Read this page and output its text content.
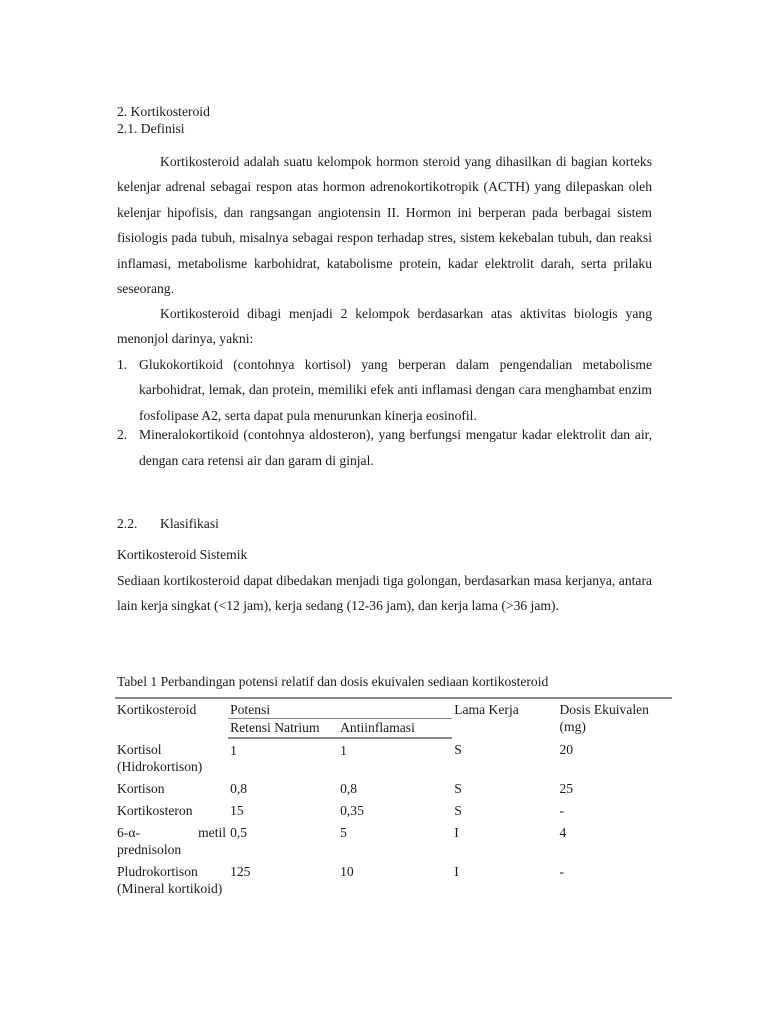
2. Kortikosteroid
2.1. Definisi

Kortikosteroid adalah suatu kelompok hormon steroid yang dihasilkan di bagian korteks kelenjar adrenal sebagai respon atas hormon adrenokortikotropik (ACTH) yang dilepaskan oleh kelenjar hipofisis, dan rangsangan angiotensin II. Hormon ini berperan pada berbagai sistem fisiologis pada tubuh, misalnya sebagai respon terhadap stres, sistem kekebalan tubuh, dan reaksi inflamasi, metabolisme karbohidrat, katabolisme protein, kadar elektrolit darah, serta prilaku seseorang.

Kortikosteroid dibagi menjadi 2 kelompok berdasarkan atas aktivitas biologis yang menonjol darinya, yakni:

1. Glukokortikoid (contohnya kortisol) yang berperan dalam pengendalian metabolisme karbohidrat, lemak, dan protein, memiliki efek anti inflamasi dengan cara menghambat enzim fosfolipase A2, serta dapat pula menurunkan kinerja eosinofil.
2. Mineralokortikoid (contohnya aldosteron), yang berfungsi mengatur kadar elektrolit dan air, dengan cara retensi air dan garam di ginjal.
2.2. Klasifikasi
Kortikosteroid Sistemik

Sediaan kortikosteroid dapat dibedakan menjadi tiga golongan, berdasarkan masa kerjanya, antara lain kerja singkat (<12 jam), kerja sedang (12-36 jam), dan kerja lama (>36 jam).

Tabel 1 Perbandingan potensi relatif dan dosis ekuivalen sediaan kortikosteroid
Kortikosteroid	Potensi		Lama Kerja	Dosis Ekuivalen (mg)
	Retensi Natrium	Antiinflamasi		
Kortisol (Hidrokortison)	1	1	S	20
Kortison	0,8	0,8	S	25
Kortikosteron	15	0,35	S	-

6-α- metil
prednisolon	0,5	5	I	4
Pludrokortison (Mineral kortikoid)	125	10	I	-
